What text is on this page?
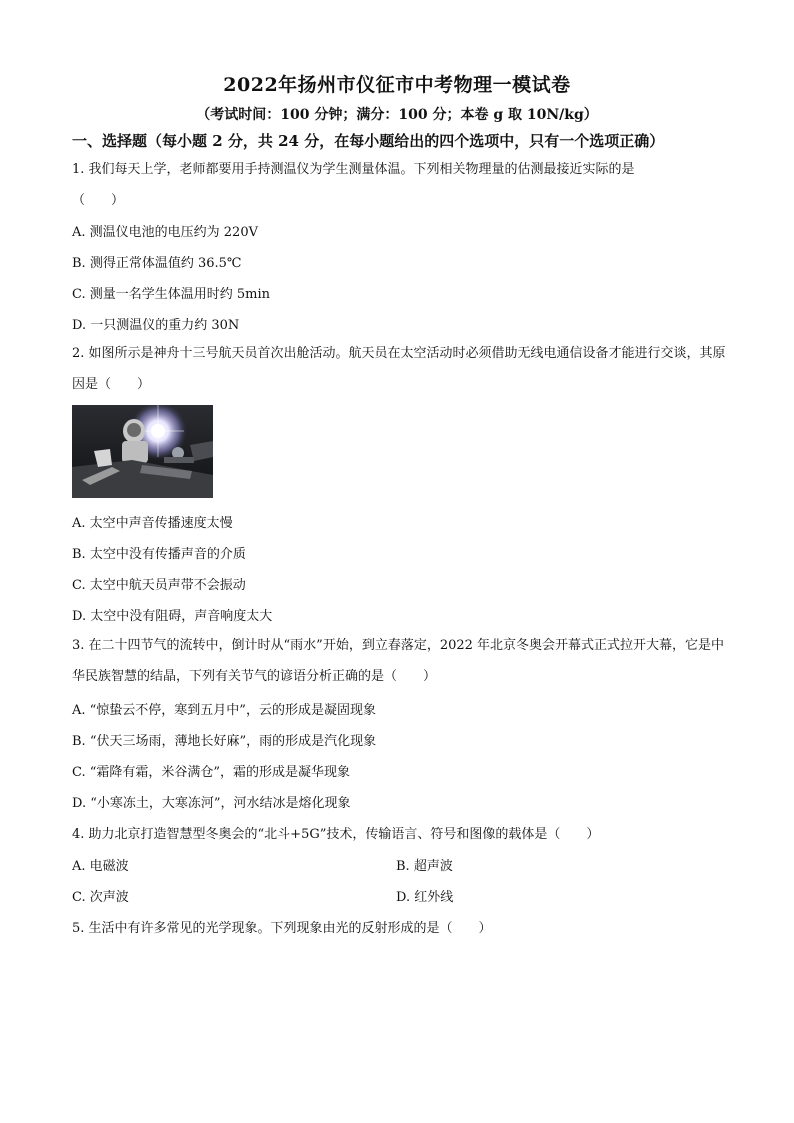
2022年扬州市仪征市中考物理一模试卷
（考试时间：100 分钟；满分：100 分；本卷 g 取 10N/kg）
一、选择题（每小题 2 分，共 24 分，在每小题给出的四个选项中，只有一个选项正确）
1. 我们每天上学，老师都要用手持测温仪为学生测量体温。下列相关物理量的估测最接近实际的是
（　　）
A. 测温仪电池的电压约为 220V
B. 测得正常体温值约 36.5℃
C. 测量一名学生体温用时约 5min
D. 一只测温仪的重力约 30N
2. 如图所示是神舟十三号航天员首次出舱活动。航天员在太空活动时必须借助无线电通信设备才能进行交谈，其原因是（　　）
A. 太空中声音传播速度太慢
B. 太空中没有传播声音的介质
C. 太空中航天员声带不会振动
D. 太空中没有阻碍，声音响度太大
3. 在二十四节气的流转中，倒计时从“雨水”开始，到立春落定，2022 年北京冬奥会开幕式正式拉开大幕，它是中华民族智慧的结晶，下列有关节气的谚语分析正确的是（　　）
A. “惊蛰云不停，寒到五月中”，云的形成是凝固现象
B. “伏天三场雨，薄地长好麻”，雨的形成是汽化现象
C. “霜降有霜，米谷满仓”，霜的形成是凝华现象
D. “小寒冻土，大寒冻河”，河水结冰是熔化现象
4. 助力北京打造智慧型冬奥会的“北斗+5G”技术，传输语言、符号和图像的载体是（　　）
A. 电磁波	B. 超声波
C. 次声波	D. 红外线
5. 生活中有许多常见的光学现象。下列现象由光的反射形成的是（　　）
